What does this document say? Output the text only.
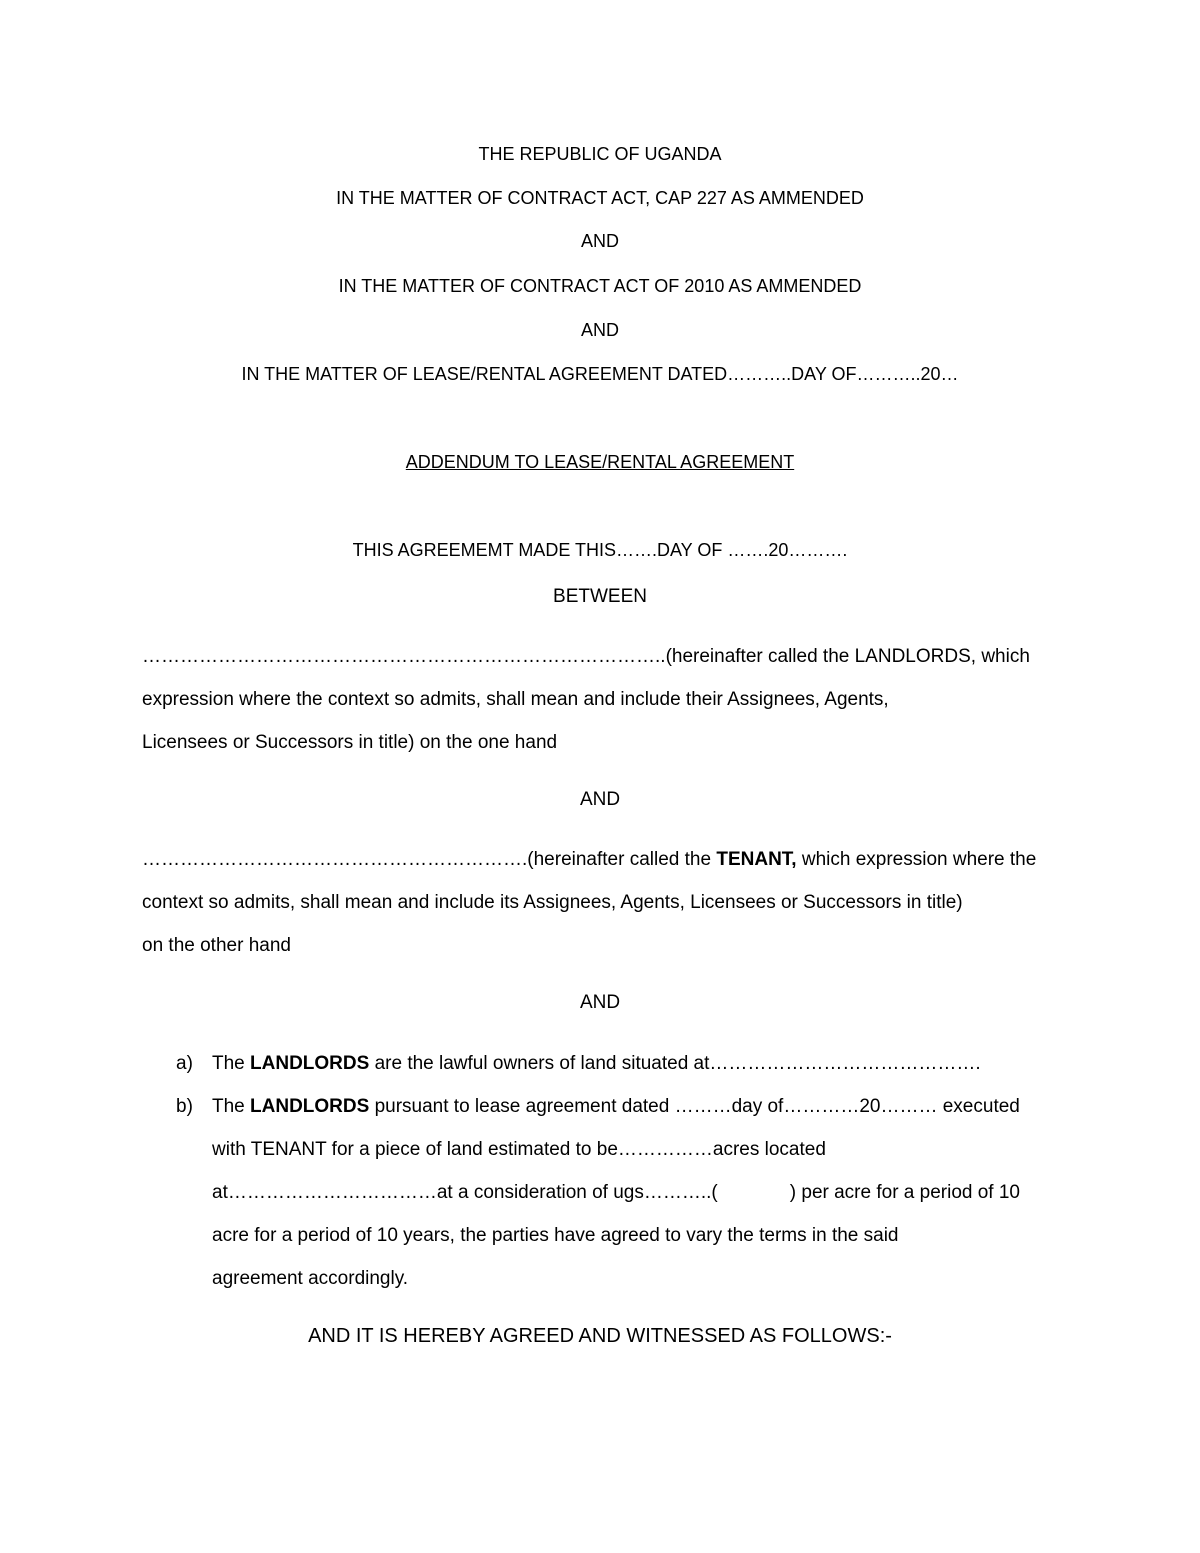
THE REPUBLIC OF UGANDA
IN THE MATTER OF CONTRACT ACT, CAP 227 AS AMMENDED
AND
IN THE MATTER OF CONTRACT ACT OF 2010 AS AMMENDED
AND
IN THE MATTER OF LEASE/RENTAL AGREEMENT DATED………..DAY OF………..20…
ADDENDUM TO LEASE/RENTAL AGREEMENT
THIS AGREEMEMT MADE THIS…….DAY OF …….20……….
BETWEEN
………………………………………………………………………..(hereinafter called the LANDLORDS, which
expression where the context so admits, shall mean and include their Assignees, Agents,
Licensees or Successors in title) on the one hand
AND
…………………………………………………….(hereinafter called the TENANT, which expression where the
context so admits, shall mean and include its Assignees, Agents, Licensees or Successors in title)
on the other hand
AND
a) The LANDLORDS are the lawful owners of land situated at…………………………………….
b) The LANDLORDS pursuant to lease agreement dated ………day of…………20……… executed
with TENANT for a piece of land estimated to be……………acres located
at……………………………at a consideration of ugs………..(	) per acre for a period of 10
acre for a period of 10 years, the parties have agreed to vary the terms in the said
agreement accordingly.
AND IT IS HEREBY AGREED AND WITNESSED AS FOLLOWS:-
